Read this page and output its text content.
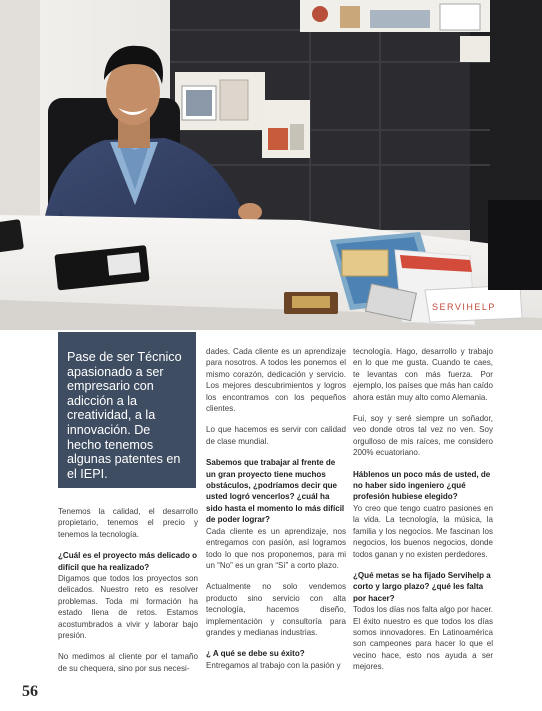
SERVIHELP
Pase de ser Técnico apasionado a ser empresario con adicción a la creatividad, a la innovación. De hecho tenemos algunas patentes en el IEPI.

Tenemos la calidad, el desarrollo propietario, tenemos el precio y tenemos la tecnología.

¿Cuál es el proyecto más delicado o difícil que ha realizado?

Digamos que todos los proyectos son delicados. Nuestro reto es resolver problemas. Toda mi formación ha estado llena de retos. Estamos acostumbrados a vivir y laborar bajo presión.

No medimos al cliente por el tamaño de su chequera, sino por sus necesi-

dades. Cada cliente es un aprendizaje para nosotros. A todos les ponemos el mismo corazón, dedicación y servicio. Los mejores descubrimientos y logros los encontramos con los pequeños clientes.

Lo que hacemos es servir con calidad de clase mundial.

Sabemos que trabajar al frente de un gran proyecto tiene muchos obstáculos, ¿podríamos decir que usted logró vencerlos? ¿cuál ha sido hasta el momento lo más difícil de poder lograr?

Cada cliente es un aprendizaje, nos entregamos con pasión, así logramos todo lo que nos proponemos, para mi un “No” es un gran “Sí” a corto plazo.

Actualmente no solo vendemos producto sino servicio con alta tecnología, hacemos diseño, implementación y consultoría para grandes y medianas industrias.

¿ A qué se debe su éxito?

Entregamos al trabajo con la pasión y

tecnología. Hago, desarrollo y trabajo en lo que me gusta. Cuando te caes, te levantas con más fuerza. Por ejemplo, los países que más han caído ahora están muy alto como Alemania.

Fui, soy y seré siempre un soñador, veo donde otros tal vez no ven. Soy orgulloso de mis raíces, me considero 200% ecuatoriano.

Háblenos un poco más de usted, de no haber sido ingeniero ¿qué profesión hubiese elegido?

Yo creo que tengo cuatro pasiones en la vida. La tecnología, la música, la familia y los negocios. Me fascinan los negocios, los buenos negocios, donde todos ganan y no existen perdedores.

¿Qué metas se ha fijado Servihelp a corto y largo plazo? ¿qué les falta por hacer?

Todos los días nos falta algo por hacer. El éxito nuestro es que todos los días somos innovadores. En Latinoamérica son campeones para hacer lo que el vecino hace, esto nos ayuda a ser mejores.

56
